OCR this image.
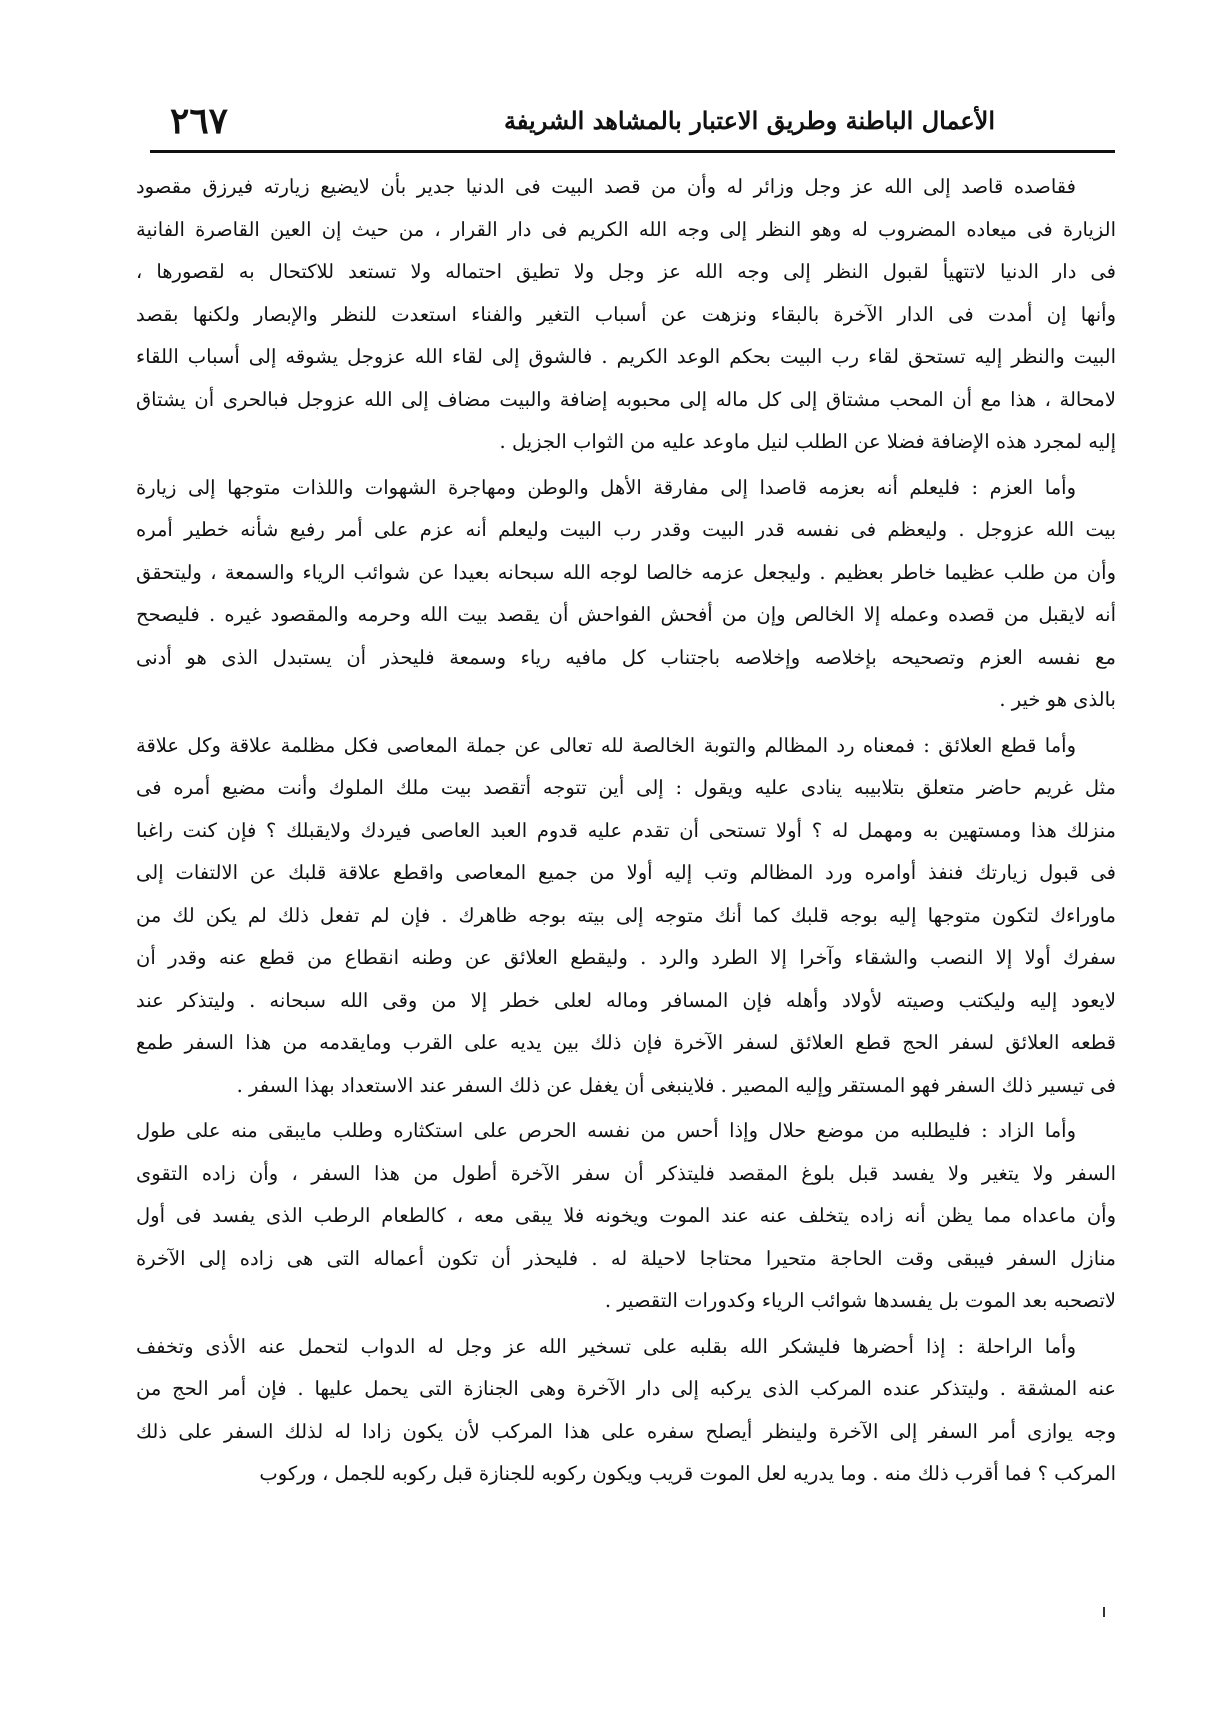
الأعمال الباطنة وطريق الاعتبار بالمشاهد الشريفة
٢٦٧
فقاصده قاصد إلى الله عز وجل وزائر له وأن من قصد البيت فى الدنيا جدير بأن لايضيع زيارته فيرزق مقصود
الزيارة فى ميعاده المضروب له وهو النظر إلى وجه الله الكريم فى دار القرار ، من حيث إن العين القاصرة الفانية
فى دار الدنيا لاتتهيأ لقبول النظر إلى وجه الله عز وجل ولا تطيق احتماله ولا تستعد للاكتحال به لقصورها ،
وأنها إن أمدت فى الدار الآخرة بالبقاء ونزهت عن أسباب التغير والفناء استعدت للنظر والإبصار ولكنها بقصد
البيت والنظر إليه تستحق لقاء رب البيت بحكم الوعد الكريم . فالشوق إلى لقاء الله عزوجل يشوقه إلى أسباب اللقاء
لامحالة ، هذا مع أن المحب مشتاق إلى كل ماله إلى محبوبه إضافة والبيت مضاف إلى الله عزوجل فبالحرى أن يشتاق
إليه لمجرد هذه الإضافة فضلا عن الطلب لنيل ماوعد عليه من الثواب الجزيل .
وأما العزم : فليعلم أنه بعزمه قاصدا إلى مفارقة الأهل والوطن ومهاجرة الشهوات واللذات متوجها إلى زيارة
بيت الله عزوجل . وليعظم فى نفسه قدر البيت وقدر رب البيت وليعلم أنه عزم على أمر رفيع شأنه خطير أمره
وأن من طلب عظيما خاطر بعظيم . وليجعل عزمه خالصا لوجه الله سبحانه بعيدا عن شوائب الرياء والسمعة ، وليتحقق
أنه لايقبل من قصده وعمله إلا الخالص وإن من أفحش الفواحش أن يقصد بيت الله وحرمه والمقصود غيره . فليصحح
مع نفسه العزم وتصحيحه بإخلاصه وإخلاصه باجتناب كل مافيه رياء وسمعة فليحذر أن يستبدل الذى هو أدنى
بالذى هو خير .
وأما قطع العلائق : فمعناه رد المظالم والتوبة الخالصة لله تعالى عن جملة المعاصى فكل مظلمة علاقة وكل علاقة
مثل غريم حاضر متعلق بتلابيبه ينادى عليه ويقول : إلى أين تتوجه أتقصد بيت ملك الملوك وأنت مضيع أمره فى
منزلك هذا ومستهين به ومهمل له ؟ أولا تستحى أن تقدم عليه قدوم العبد العاصى فيردك ولايقبلك ؟ فإن كنت راغبا
فى قبول زيارتك فنفذ أوامره ورد المظالم وتب إليه أولا من جميع المعاصى واقطع علاقة قلبك عن الالتفات إلى
ماوراءك لتكون متوجها إليه بوجه قلبك كما أنك متوجه إلى بيته بوجه ظاهرك . فإن لم تفعل ذلك لم يكن لك من
سفرك أولا إلا النصب والشقاء وآخرا إلا الطرد والرد . وليقطع العلائق عن وطنه انقطاع من قطع عنه وقدر أن
لايعود إليه وليكتب وصيته لأولاد وأهله فإن المسافر وماله لعلى خطر إلا من وقى الله سبحانه . وليتذكر عند
قطعه العلائق لسفر الحج قطع العلائق لسفر الآخرة فإن ذلك بين يديه على القرب ومايقدمه من هذا السفر طمع
فى تيسير ذلك السفر فهو المستقر وإليه المصير . فلاينبغى أن يغفل عن ذلك السفر عند الاستعداد بهذا السفر .
وأما الزاد : فليطلبه من موضع حلال وإذا أحس من نفسه الحرص على استكثاره وطلب مايبقى منه على طول
السفر ولا يتغير ولا يفسد قبل بلوغ المقصد فليتذكر أن سفر الآخرة أطول من هذا السفر ، وأن زاده التقوى
وأن ماعداه مما يظن أنه زاده يتخلف عنه عند الموت ويخونه فلا يبقى معه ، كالطعام الرطب الذى يفسد فى أول
منازل السفر فيبقى وقت الحاجة متحيرا محتاجا لاحيلة له . فليحذر أن تكون أعماله التى هى زاده إلى الآخرة
لاتصحبه بعد الموت بل يفسدها شوائب الرياء وكدورات التقصير .
وأما الراحلة : إذا أحضرها فليشكر الله بقلبه على تسخير الله عز وجل له الدواب لتحمل عنه الأذى وتخفف
عنه المشقة . وليتذكر عنده المركب الذى يركبه إلى دار الآخرة وهى الجنازة التى يحمل عليها . فإن أمر الحج من
وجه يوازى أمر السفر إلى الآخرة ولينظر أيصلح سفره على هذا المركب لأن يكون زادا له لذلك السفر على ذلك
المركب ؟ فما أقرب ذلك منه . وما يدريه لعل الموت قريب ويكون ركوبه للجنازة قبل ركوبه للجمل ، وركوب
